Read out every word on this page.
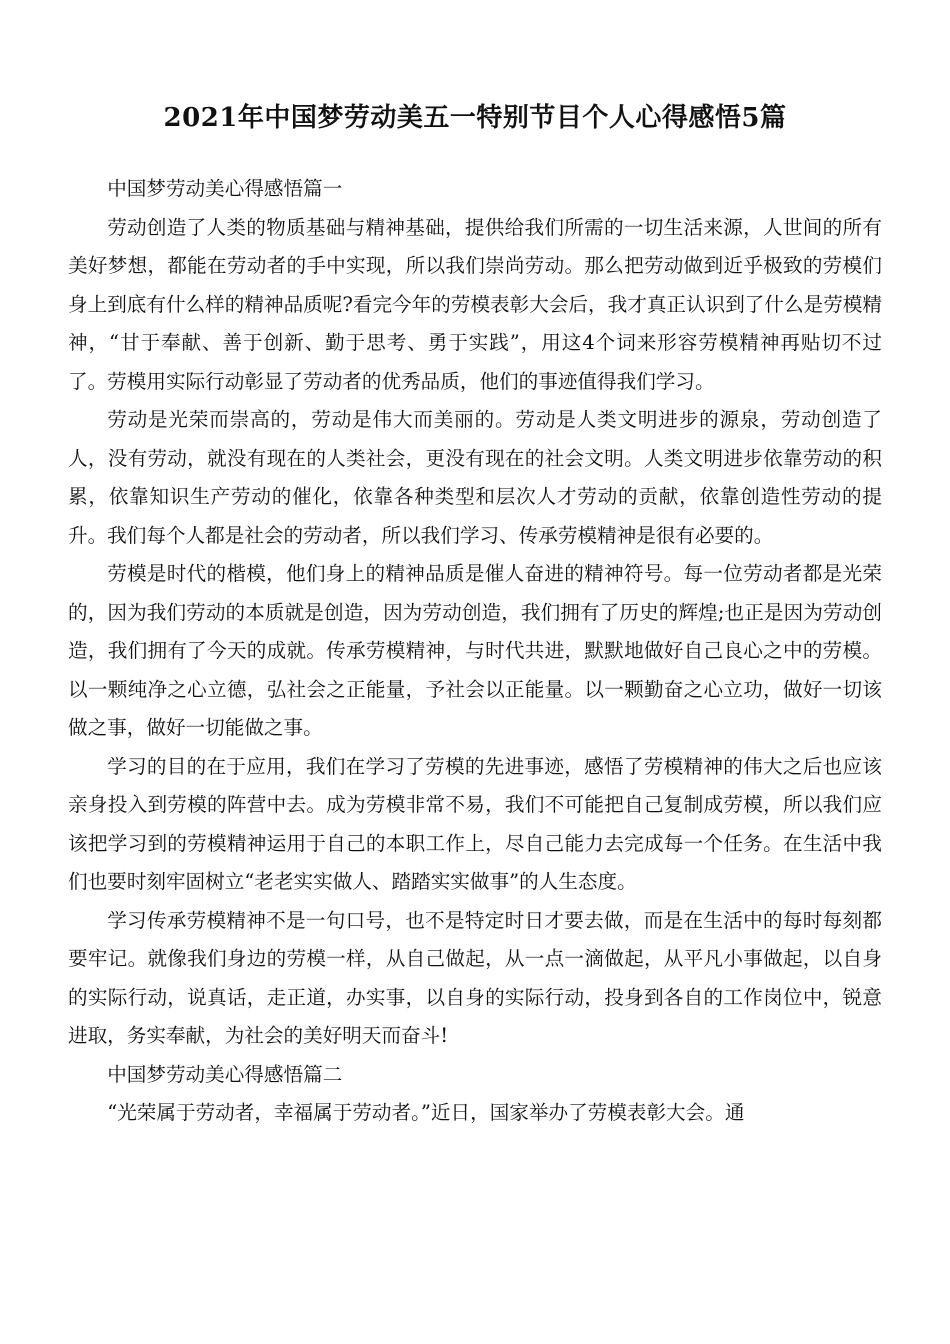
2021年中国梦劳动美五一特别节目个人心得感悟5篇

中国梦劳动美心得感悟篇一

劳动创造了人类的物质基础与精神基础，提供给我们所需的一切生活来源，人世间的所有美好梦想，都能在劳动者的手中实现，所以我们崇尚劳动。那么把劳动做到近乎极致的劳模们身上到底有什么样的精神品质呢?看完今年的劳模表彰大会后，我才真正认识到了什么是劳模精神，“甘于奉献、善于创新、勤于思考、勇于实践”，用这4个词来形容劳模精神再贴切不过了。劳模用实际行动彰显了劳动者的优秀品质，他们的事迹值得我们学习。

劳动是光荣而崇高的，劳动是伟大而美丽的。劳动是人类文明进步的源泉，劳动创造了人，没有劳动，就没有现在的人类社会，更没有现在的社会文明。人类文明进步依靠劳动的积累，依靠知识生产劳动的催化，依靠各种类型和层次人才劳动的贡献，依靠创造性劳动的提升。我们每个人都是社会的劳动者，所以我们学习、传承劳模精神是很有必要的。

劳模是时代的楷模，他们身上的精神品质是催人奋进的精神符号。每一位劳动者都是光荣的，因为我们劳动的本质就是创造，因为劳动创造，我们拥有了历史的辉煌;也正是因为劳动创造，我们拥有了今天的成就。传承劳模精神，与时代共进，默默地做好自己良心之中的劳模。以一颗纯净之心立德，弘社会之正能量，予社会以正能量。以一颗勤奋之心立功，做好一切该做之事，做好一切能做之事。

学习的目的在于应用，我们在学习了劳模的先进事迹，感悟了劳模精神的伟大之后也应该亲身投入到劳模的阵营中去。成为劳模非常不易，我们不可能把自己复制成劳模，所以我们应该把学习到的劳模精神运用于自己的本职工作上，尽自己能力去完成每一个任务。在生活中我们也要时刻牢固树立“老老实实做人、踏踏实实做事”的人生态度。

学习传承劳模精神不是一句口号，也不是特定时日才要去做，而是在生活中的每时每刻都要牢记。就像我们身边的劳模一样，从自己做起，从一点一滴做起，从平凡小事做起，以自身的实际行动，说真话，走正道，办实事，以自身的实际行动，投身到各自的工作岗位中，锐意进取，务实奉献，为社会的美好明天而奋斗!

中国梦劳动美心得感悟篇二

“光荣属于劳动者，幸福属于劳动者。”近日，国家举办了劳模表彰大会。通
